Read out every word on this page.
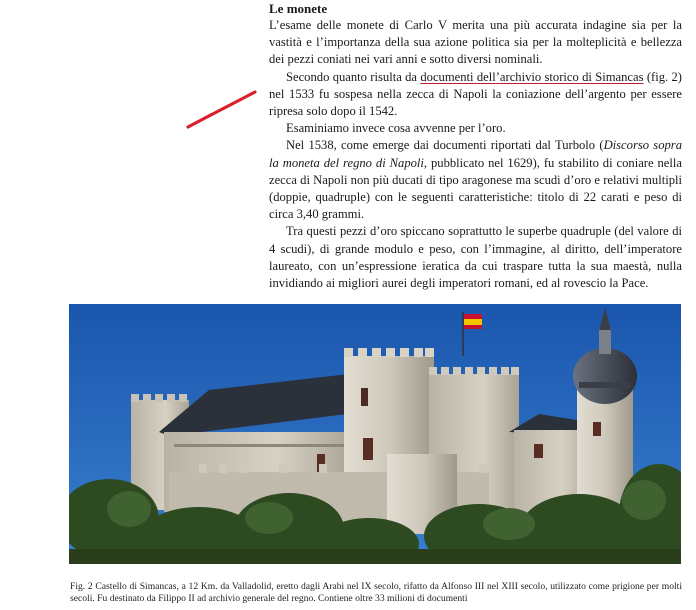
Le monete

L’esame delle monete di Carlo V merita una più accurata indagine sia per la vastità e l’importanza della sua azione politica sia per la molteplicità e bellezza dei pezzi coniati nei vari anni e sotto diversi nominali.

Secondo quanto risulta da documenti dell’archivio storico di Simancas (fig. 2) nel 1533 fu sospesa nella zecca di Napoli la coniazione dell’argento per essere ripresa solo dopo il 1542.

Esaminiamo invece cosa avvenne per l’oro.

Nel 1538, come emerge dai documenti riportati dal Turbolo (Discorso sopra la moneta del regno di Napoli, pubblicato nel 1629), fu stabilito di coniare nella zecca di Napoli non più ducati di tipo aragonese ma scudi d’oro e relativi multipli (doppie, quadruple) con le seguenti caratteristiche: titolo di 22 carati e peso di circa 3,40 grammi.

Tra questi pezzi d’oro spiccano soprattutto le superbe quadruple (del valore di 4 scudi), di grande modulo e peso, con l’immagine, al diritto, dell’imperatore laureato, con un’espressione ieratica da cui traspare tutta la sua maestà, nulla invidiando ai migliori aurei degli imperatori romani, ed al rovescio la Pace.

Fig. 2 Castello di Simancas, a 12 Km. da Valladolid, eretto dagli Arabi nel IX secolo, rifatto da Alfonso III nel XIII secolo, utilizzato come prigione per molti secoli. Fu destinato da Filippo II ad archivio generale del regno. Contiene oltre 33 milioni di documenti
